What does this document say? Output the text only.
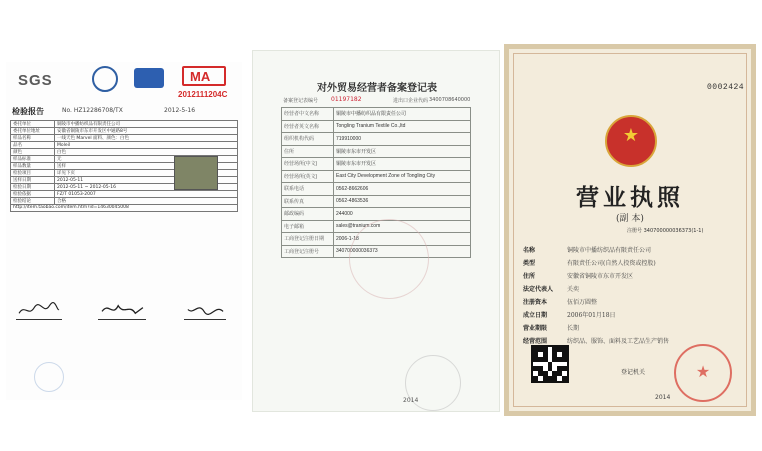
SGS	MA
2012111204C
检验报告	No. HZ12286708/TX	2012-5-16
委托单位	铜陵市中播纺织品有限责任公司
委托单位地址	安徽省铜陵市东市开发区中通路8号
样品名称	一线天色 Marvel 面料、颜色：白色
品名	Moleil
颜色	白色
样品标准	无
样品数量	送样
检验项目	详见下页
送样日期	2012-05-11
检验日期	2012-05-11 ~ 2012-05-16
检验依据	FZ/T 01053-2007
检验结论	合格
http://item.taobao.com/item.htm?id=14630045008	
对外贸易经营者备案登记表
备案登记表编号 01197182	进出口企业代码 3400708640000
经营者中文名称	铜陵市中播纺织品有限责任公司
经营者英文名称	Tongling Tranium Textile Co.,ltd
组织机构代码	719910000
住所	铜陵市东市开发区
经营场所(中文)	铜陵市东市开发区
经营场所(英文)	East City Development Zone of Tongling City
联系电话	0562-8662606
联系传真	0562-4863536
邮政编码	244000
电子邮箱	sales@tranium.com
工商登记注册日期	2006-1-18
工商登记注册号	340700000036373
2014
0002424
★
营业执照
(副 本)
注册号 340700000036373(1-1)
名称	铜陵市中播纺织品有限责任公司
类型	有限责任公司(自然人投资或控股)
住所	安徽省铜陵市东市开发区
法定代表人 关奕
注册资本	伍佰万圆整
成立日期	2006年01月18日
营业期限	长期
经营范围	纺织品、服饰、面料及工艺品生产销售
登记机关	★
2014
